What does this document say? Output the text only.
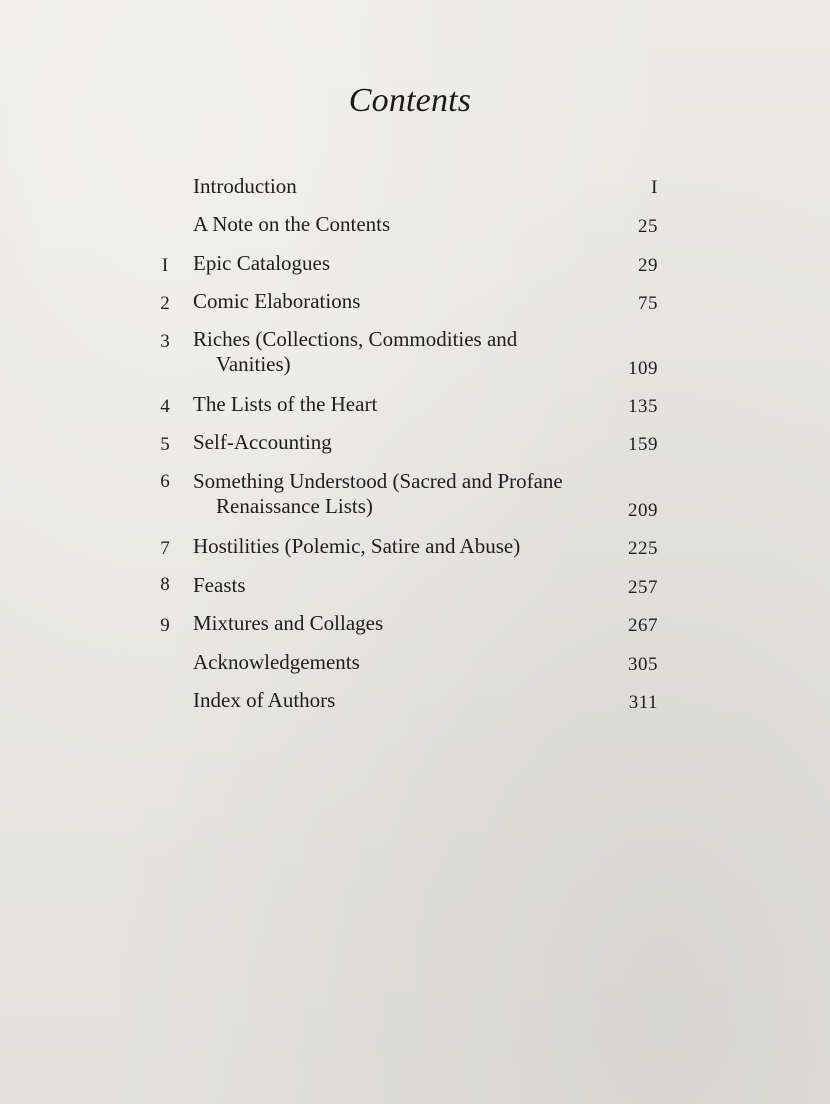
Contents
Introduction	I
A Note on the Contents	25
I	Epic Catalogues	29
2	Comic Elaborations	75
3	Riches (Collections, Commodities and
Vanities)	109
4	The Lists of the Heart	135
5	Self-Accounting	159
6	Something Understood (Sacred and Profane
Renaissance Lists)	209
7	Hostilities (Polemic, Satire and Abuse)	225
8	Feasts	257
9	Mixtures and Collages	267
Acknowledgements	305
Index of Authors	311
